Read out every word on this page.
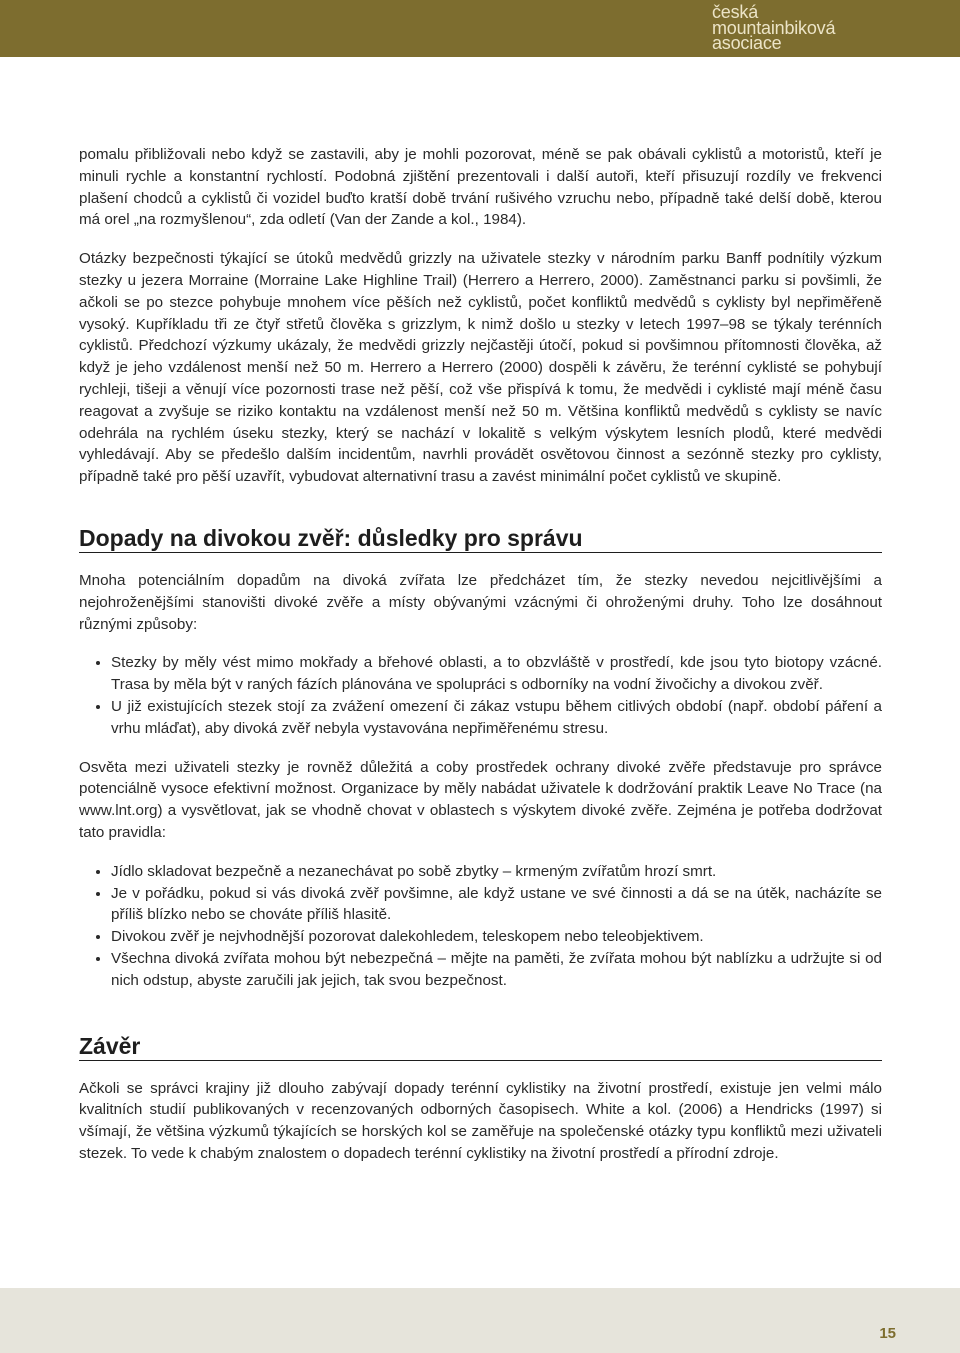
česká
mountainbiková
asociace

pomalu přibližovali nebo když se zastavili, aby je mohli pozorovat, méně se pak obávali cyklistů a motoristů, kteří je minuli rychle a konstantní rychlostí. Podobná zjištění prezentovali i další autoři, kteří přisuzují rozdíly ve frekvenci plašení chodců a cyklistů či vozidel buďto kratší době trvání rušivého vzruchu nebo, případně také delší době, kterou má orel „na rozmyšlenou“, zda odletí (Van der Zande a kol., 1984).

Otázky bezpečnosti týkající se útoků medvědů grizzly na uživatele stezky v národním parku Banff podnítily výzkum stezky u jezera Morraine (Morraine Lake Highline Trail) (Herrero a Herrero, 2000). Zaměstnanci parku si povšimli, že ačkoli se po stezce pohybuje mnohem více pěších než cyklistů, počet konfliktů medvědů s cyklisty byl nepřiměřeně vysoký. Kupříkladu tři ze čtyř střetů člověka s grizzlym, k nimž došlo u stezky v letech 1997–98 se týkaly terénních cyklistů. Předchozí výzkumy ukázaly, že medvědi grizzly nejčastěji útočí, pokud si povšimnou přítomnosti člověka, až když je jeho vzdálenost menší než 50 m. Herrero a Herrero (2000) dospěli k závěru, že terénní cyklisté se pohybují rychleji, tišeji a věnují více pozornosti trase než pěší, což vše přispívá k tomu, že medvědi i cyklisté mají méně času reagovat a zvyšuje se riziko kontaktu na vzdálenost menší než 50 m. Většina konfliktů medvědů s cyklisty se navíc odehrála na rychlém úseku stezky, který se nachází v lokalitě s velkým výskytem lesních plodů, které medvědi vyhledávají. Aby se předešlo dalším incidentům, navrhli provádět osvětovou činnost a sezónně stezky pro cyklisty, případně také pro pěší uzavřít, vybudovat alternativní trasu a zavést minimální počet cyklistů ve skupině.

Dopady na divokou zvěř: důsledky pro správu

Mnoha potenciálním dopadům na divoká zvířata lze předcházet tím, že stezky nevedou nejcitlivějšími a nejohroženějšími stanovišti divoké zvěře a místy obývanými vzácnými či ohroženými druhy. Toho lze dosáhnout různými způsoby:

• Stezky by měly vést mimo mokřady a břehové oblasti, a to obzvláště v prostředí, kde jsou tyto biotopy vzácné. Trasa by měla být v raných fázích plánována ve spolupráci s odborníky na vodní živočichy a divokou zvěř.
• U již existujících stezek stojí za zvážení omezení či zákaz vstupu během citlivých období (např. období páření a vrhu mláďat), aby divoká zvěř nebyla vystavována nepřiměřenému stresu.

Osvěta mezi uživateli stezky je rovněž důležitá a coby prostředek ochrany divoké zvěře představuje pro správce potenciálně vysoce efektivní možnost. Organizace by měly nabádat uživatele k dodržování praktik Leave No Trace (na www.lnt.org) a vysvětlovat, jak se vhodně chovat v oblastech s výskytem divoké zvěře. Zejména je potřeba dodržovat tato pravidla:

• Jídlo skladovat bezpečně a nezanechávat po sobě zbytky – krmeným zvířatům hrozí smrt.
• Je v pořádku, pokud si vás divoká zvěř povšimne, ale když ustane ve své činnosti a dá se na útěk, nacházíte se příliš blízko nebo se chováte příliš hlasitě.
• Divokou zvěř je nejvhodnější pozorovat dalekohledem, teleskopem nebo teleobjektivem.
• Všechna divoká zvířata mohou být nebezpečná – mějte na paměti, že zvířata mohou být nablízku a udržujte si od nich odstup, abyste zaručili jak jejich, tak svou bezpečnost.
Závěr

Ačkoli se správci krajiny již dlouho zabývají dopady terénní cyklistiky na životní prostředí, existuje jen velmi málo kvalitních studií publikovaných v recenzovaných odborných časopisech. White a kol. (2006) a Hendricks (1997) si všímají, že většina výzkumů týkajících se horských kol se zaměřuje na společenské otázky typu konfliktů mezi uživateli stezek. To vede k chabým znalostem o dopadech terénní cyklistiky na životní prostředí a přírodní zdroje.

15
